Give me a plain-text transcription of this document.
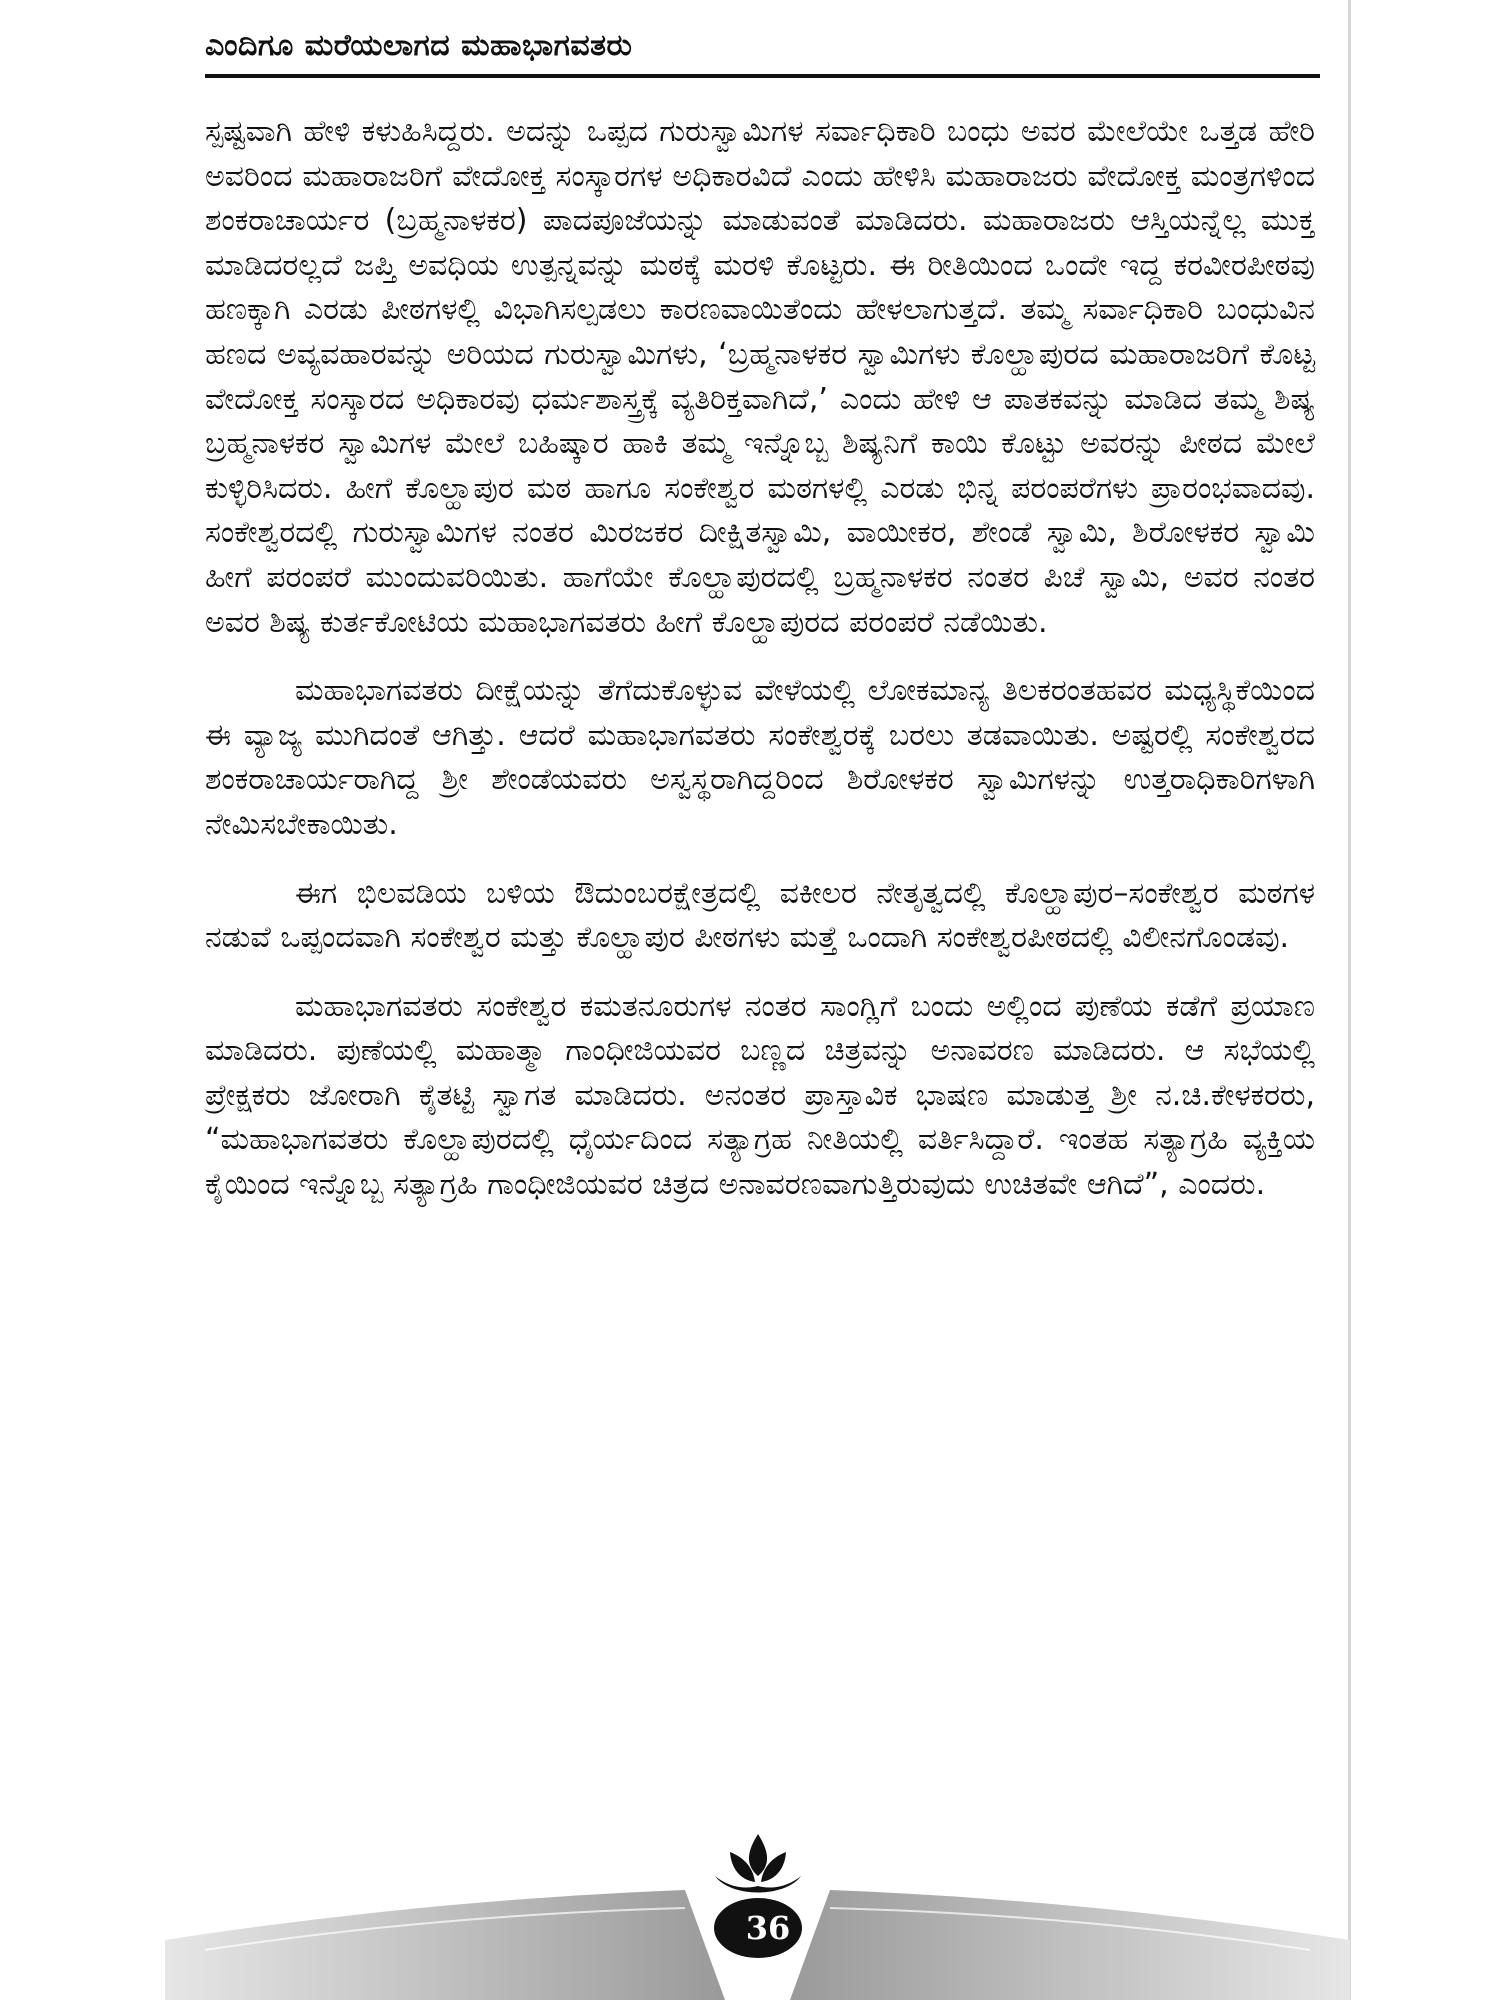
ಎಂದಿಗೂ ಮರೆಯಲಾಗದ ಮಹಾಭಾಗವತರು

ಸ್ಪಷ್ಟವಾಗಿ ಹೇಳಿ ಕಳುಹಿಸಿದ್ದರು. ಅದನ್ನು ಒಪ್ಪದ ಗುರುಸ್ವಾಮಿಗಳ ಸರ್ವಾಧಿಕಾರಿ ಬಂಧು ಅವರ ಮೇಲೆಯೇ ಒತ್ತಡ ಹೇರಿ ಅವರಿಂದ ಮಹಾರಾಜರಿಗೆ ವೇದೋಕ್ತ ಸಂಸ್ಕಾರಗಳ ಅಧಿಕಾರವಿದೆ ಎಂದು ಹೇಳಿಸಿ ಮಹಾರಾಜರು ವೇದೋಕ್ತ ಮಂತ್ರಗಳಿಂದ ಶಂಕರಾಚಾರ್ಯರ (ಬ್ರಹ್ಮನಾಳಕರ) ಪಾದಪೂಜೆಯನ್ನು ಮಾಡುವಂತೆ ಮಾಡಿದರು. ಮಹಾರಾಜರು ಆಸ್ತಿಯನ್ನೆಲ್ಲ ಮುಕ್ತ ಮಾಡಿದರಲ್ಲದೆ ಜಪ್ತಿ ಅವಧಿಯ ಉತ್ಪನ್ನವನ್ನು ಮಠಕ್ಕೆ ಮರಳಿ ಕೊಟ್ಟರು. ಈ ರೀತಿಯಿಂದ ಒಂದೇ ಇದ್ದ ಕರವೀರಪೀಠವು ಹಣಕ್ಕಾಗಿ ಎರಡು ಪೀಠಗಳಲ್ಲಿ ವಿಭಾಗಿಸಲ್ಪಡಲು ಕಾರಣವಾಯಿತೆಂದು ಹೇಳಲಾಗುತ್ತದೆ. ತಮ್ಮ ಸರ್ವಾಧಿಕಾರಿ ಬಂಧುವಿನ ಹಣದ ಅವ್ಯವಹಾರವನ್ನು ಅರಿಯದ ಗುರುಸ್ವಾಮಿಗಳು, ‘ಬ್ರಹ್ಮನಾಳಕರ ಸ್ವಾಮಿಗಳು ಕೊಲ್ಹಾಪುರದ ಮಹಾರಾಜರಿಗೆ ಕೊಟ್ಟ ವೇದೋಕ್ತ ಸಂಸ್ಕಾರದ ಅಧಿಕಾರವು ಧರ್ಮಶಾಸ್ತ್ರಕ್ಕೆ ವ್ಯತಿರಿಕ್ತವಾಗಿದೆ,’ ಎಂದು ಹೇಳಿ ಆ ಪಾತಕವನ್ನು ಮಾಡಿದ ತಮ್ಮ ಶಿಷ್ಯ ಬ್ರಹ್ಮನಾಳಕರ ಸ್ವಾಮಿಗಳ ಮೇಲೆ ಬಹಿಷ್ಕಾರ ಹಾಕಿ ತಮ್ಮ ಇನ್ನೊಬ್ಬ ಶಿಷ್ಯನಿಗೆ ಕಾಯಿ ಕೊಟ್ಟು ಅವರನ್ನು ಪೀಠದ ಮೇಲೆ ಕುಳ್ಳಿರಿಸಿದರು. ಹೀಗೆ ಕೊಲ್ಹಾಪುರ ಮಠ ಹಾಗೂ ಸಂಕೇಶ್ವರ ಮಠಗಳಲ್ಲಿ ಎರಡು ಭಿನ್ನ ಪರಂಪರೆಗಳು ಪ್ರಾರಂಭವಾದವು. ಸಂಕೇಶ್ವರದಲ್ಲಿ ಗುರುಸ್ವಾಮಿಗಳ ನಂತರ ಮಿರಜಕರ ದೀಕ್ಷಿತಸ್ವಾಮಿ, ವಾಯೀಕರ, ಶೇಂಡೆ ಸ್ವಾಮಿ, ಶಿರೋಳಕರ ಸ್ವಾಮಿ ಹೀಗೆ ಪರಂಪರೆ ಮುಂದುವರಿಯಿತು. ಹಾಗೆಯೇ ಕೊಲ್ಹಾಪುರದಲ್ಲಿ ಬ್ರಹ್ಮನಾಳಕರ ನಂತರ ಪಿಚೆ ಸ್ವಾಮಿ, ಅವರ ನಂತರ ಅವರ ಶಿಷ್ಯ ಕುರ್ತಕೋಟಿಯ ಮಹಾಭಾಗವತರು ಹೀಗೆ ಕೊಲ್ಹಾಪುರದ ಪರಂಪರೆ ನಡೆಯಿತು.

ಮಹಾಭಾಗವತರು ದೀಕ್ಷೆಯನ್ನು ತೆಗೆದುಕೊಳ್ಳುವ ವೇಳೆಯಲ್ಲಿ ಲೋಕಮಾನ್ಯ ತಿಲಕರಂತಹವರ ಮಧ್ಯಸ್ಥಿಕೆಯಿಂದ ಈ ವ್ಯಾಜ್ಯ ಮುಗಿದಂತೆ ಆಗಿತ್ತು. ಆದರೆ ಮಹಾಭಾಗವತರು ಸಂಕೇಶ್ವರಕ್ಕೆ ಬರಲು ತಡವಾಯಿತು. ಅಷ್ಟರಲ್ಲಿ ಸಂಕೇಶ್ವರದ ಶಂಕರಾಚಾರ್ಯರಾಗಿದ್ದ ಶ್ರೀ ಶೇಂಡೆಯವರು ಅಸ್ವಸ್ಥರಾಗಿದ್ದರಿಂದ ಶಿರೋಳಕರ ಸ್ವಾಮಿಗಳನ್ನು ಉತ್ತರಾಧಿಕಾರಿಗಳಾಗಿ ನೇಮಿಸಬೇಕಾಯಿತು.

ಈಗ ಭಿಲವಡಿಯ ಬಳಿಯ ಔದುಂಬರಕ್ಷೇತ್ರದಲ್ಲಿ ವಕೀಲರ ನೇತೃತ್ವದಲ್ಲಿ ಕೊಲ್ಹಾಪುರ–ಸಂಕೇಶ್ವರ ಮಠಗಳ ನಡುವೆ ಒಪ್ಪಂದವಾಗಿ ಸಂಕೇಶ್ವರ ಮತ್ತು ಕೊಲ್ಹಾಪುರ ಪೀಠಗಳು ಮತ್ತೆ ಒಂದಾಗಿ ಸಂಕೇಶ್ವರಪೀಠದಲ್ಲಿ ವಿಲೀನಗೊಂಡವು.

ಮಹಾಭಾಗವತರು ಸಂಕೇಶ್ವರ ಕಮತನೂರುಗಳ ನಂತರ ಸಾಂಗ್ಲಿಗೆ ಬಂದು ಅಲ್ಲಿಂದ ಪುಣೆಯ ಕಡೆಗೆ ಪ್ರಯಾಣ ಮಾಡಿದರು. ಪುಣೆಯಲ್ಲಿ ಮಹಾತ್ಮಾ ಗಾಂಧೀಜಿಯವರ ಬಣ್ಣದ ಚಿತ್ರವನ್ನು ಅನಾವರಣ ಮಾಡಿದರು. ಆ ಸಭೆಯಲ್ಲಿ ಪ್ರೇಕ್ಷಕರು ಜೋರಾಗಿ ಕೈತಟ್ಟಿ ಸ್ವಾಗತ ಮಾಡಿದರು. ಅನಂತರ ಪ್ರಾಸ್ತಾವಿಕ ಭಾಷಣ ಮಾಡುತ್ತ ಶ್ರೀ ನ.ಚಿ.ಕೇಳಕರರು, “ಮಹಾಭಾಗವತರು ಕೊಲ್ಹಾಪುರದಲ್ಲಿ ಧೈರ್ಯದಿಂದ ಸತ್ಯಾಗ್ರಹ ನೀತಿಯಲ್ಲಿ ವರ್ತಿಸಿದ್ದಾರೆ. ಇಂತಹ ಸತ್ಯಾಗ್ರಹಿ ವ್ಯಕ್ತಿಯ ಕೈಯಿಂದ ಇನ್ನೊಬ್ಬ ಸತ್ಯಾಗ್ರಹಿ ಗಾಂಧೀಜಿಯವರ ಚಿತ್ರದ ಅನಾವರಣವಾಗುತ್ತಿರುವುದು ಉಚಿತವೇ ಆಗಿದೆ”, ಎಂದರು.

36
